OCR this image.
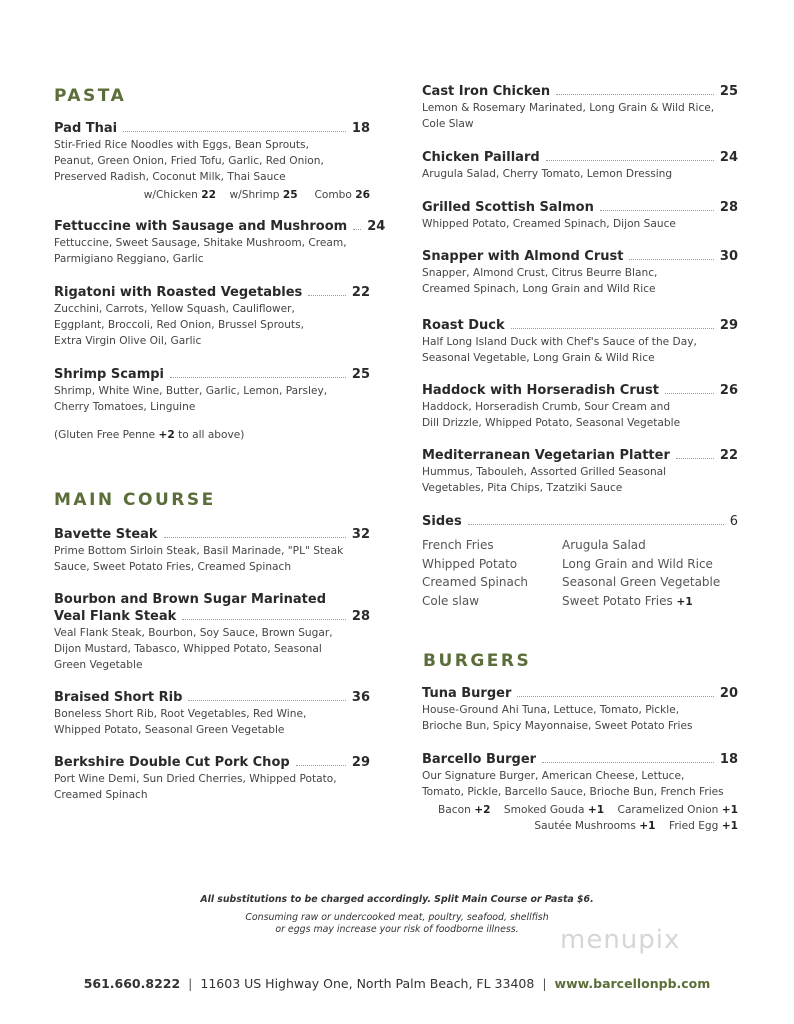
PASTA
Pad Thai	18
Stir-Fried Rice Noodles with Eggs, Bean Sprouts,
Peanut, Green Onion, Fried Tofu, Garlic, Red Onion,
Preserved Radish, Coconut Milk, Thai Sauce
w/Chicken 22 w/Shrimp 25 Combo 26
Fettuccine with Sausage and Mushroom 24
Fettuccine, Sweet Sausage, Shitake Mushroom, Cream,
Parmigiano Reggiano, Garlic
Rigatoni with Roasted Vegetables	22
Zucchini, Carrots, Yellow Squash, Cauliflower,
Eggplant, Broccoli, Red Onion, Brussel Sprouts,
Extra Virgin Olive Oil, Garlic
Shrimp Scampi	25
Shrimp, White Wine, Butter, Garlic, Lemon, Parsley,
Cherry Tomatoes, Linguine
(Gluten Free Penne +2 to all above)
MAIN COURSE
Bavette Steak	32
Prime Bottom Sirloin Steak, Basil Marinade, "PL" Steak
Sauce, Sweet Potato Fries, Creamed Spinach
Bourbon and Brown Sugar Marinated
Veal Flank Steak	28
Veal Flank Steak, Bourbon, Soy Sauce, Brown Sugar,
Dijon Mustard, Tabasco, Whipped Potato, Seasonal
Green Vegetable
Braised Short Rib	36
Boneless Short Rib, Root Vegetables, Red Wine,
Whipped Potato, Seasonal Green Vegetable
Berkshire Double Cut Pork Chop	29
Port Wine Demi, Sun Dried Cherries, Whipped Potato,
Creamed Spinach
Cast Iron Chicken	25
Lemon & Rosemary Marinated, Long Grain & Wild Rice,
Cole Slaw
Chicken Paillard	24
Arugula Salad, Cherry Tomato, Lemon Dressing
Grilled Scottish Salmon	28
Whipped Potato, Creamed Spinach, Dijon Sauce
Snapper with Almond Crust	30
Snapper, Almond Crust, Citrus Beurre Blanc,
Creamed Spinach, Long Grain and Wild Rice
Roast Duck	29
Half Long Island Duck with Chef's Sauce of the Day,
Seasonal Vegetable, Long Grain & Wild Rice
Haddock with Horseradish Crust	26
Haddock, Horseradish Crumb, Sour Cream and
Dill Drizzle, Whipped Potato, Seasonal Vegetable
Mediterranean Vegetarian Platter	22
Hummus, Tabouleh, Assorted Grilled Seasonal
Vegetables, Pita Chips, Tzatziki Sauce
Sides	6
French Fries	Arugula Salad
Whipped Potato	Long Grain and Wild Rice
Creamed Spinach	Seasonal Green Vegetable
Cole slaw	Sweet Potato Fries +1
BURGERS
Tuna Burger	20
House-Ground Ahi Tuna, Lettuce, Tomato, Pickle,
Brioche Bun, Spicy Mayonnaise, Sweet Potato Fries
Barcello Burger	18
Our Signature Burger, American Cheese, Lettuce,
Tomato, Pickle, Barcello Sauce, Brioche Bun, French Fries
Bacon +2 Smoked Gouda +1 Caramelized Onion +1
Sautée Mushrooms +1 Fried Egg +1
All substitutions to be charged accordingly. Split Main Course or Pasta $6.
Consuming raw or undercooked meat, poultry, seafood, shellfish
or eggs may increase your risk of foodborne illness.	menupix
561.660.8222 | 11603 US Highway One, North Palm Beach, FL 33408 | www.barcellonpb.com
